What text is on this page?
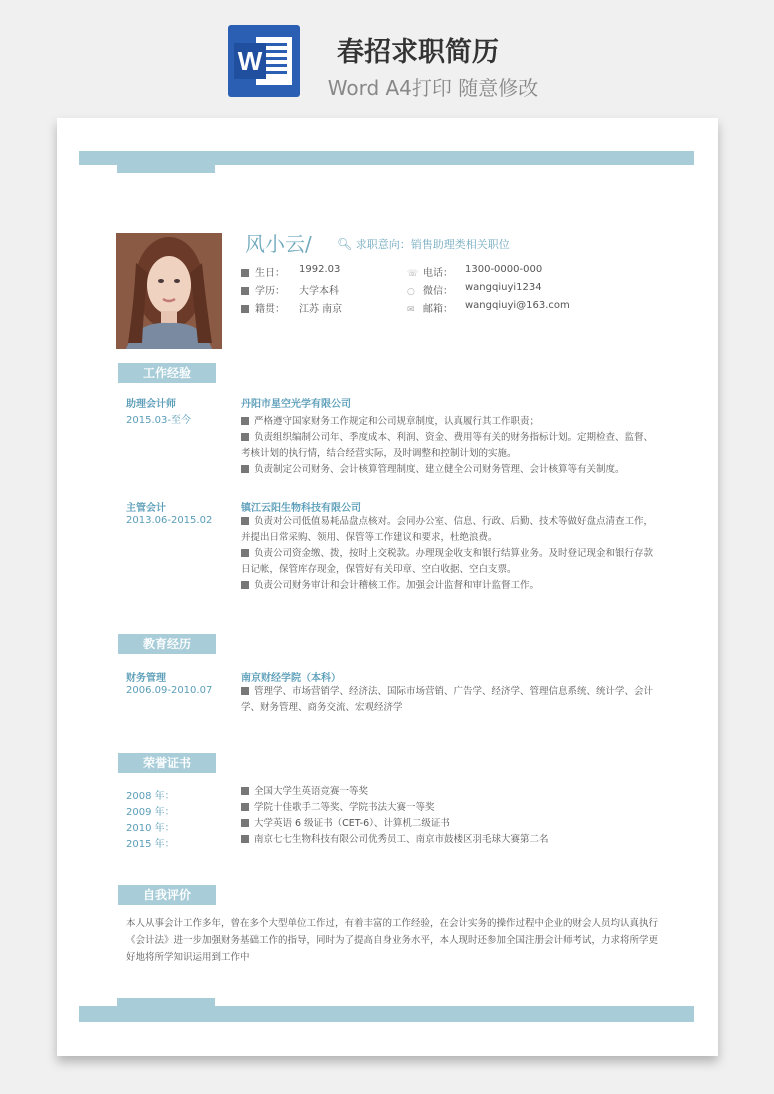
W	春招求职简历
Word A4打印 随意修改
风小云/ 🔍︎ 求职意向：销售助理类相关职位
生日： 1992.03
学历： 大学本科
籍贯： 江苏 南京
☏ 电话： 1300-0000-000
○ 微信： wangqiuyi1234
✉ 邮箱： wangqiuyi@163.com
工作经验
助理会计师
2015.03-至今
丹阳市星空光学有限公司
严格遵守国家财务工作规定和公司规章制度，认真履行其工作职责；
负责组织编制公司年、季度成本、利润、资金、费用等有关的财务指标计划。定期检查、监督、考核计划的执行情，结合经营实际，及时调整和控制计划的实施。
负责制定公司财务、会计核算管理制度、建立健全公司财务管理、会计核算等有关制度。
主管会计
2013.06-2015.02
镇江云阳生物科技有限公司
负责对公司低值易耗品盘点核对。会同办公室、信息、行政、后勤、技术等做好盘点清查工作，并提出日常采购、领用、保管等工作建议和要求，杜绝浪费。
负责公司资金缴、拨，按时上交税款。办理现金收支和银行结算业务。及时登记现金和银行存款日记帐，保管库存现金，保管好有关印章、空白收据、空白支票。
负责公司财务审计和会计稽核工作。加强会计监督和审计监督工作。
教育经历
财务管理
2006.09-2010.07
南京财经学院（本科）
管理学、市场营销学、经济法、国际市场营销、广告学、经济学、管理信息系统、统计学、会计学、财务管理、商务交流、宏观经济学
荣誉证书
2008 年：
2009 年：
2010 年：
2015 年：
全国大学生英语竞赛一等奖
学院十佳歌手二等奖、学院书法大赛一等奖
大学英语 6 级证书（CET-6）、计算机二级证书
南京七七生物科技有限公司优秀员工、南京市鼓楼区羽毛球大赛第二名
自我评价
本人从事会计工作多年，曾在多个大型单位工作过，有着丰富的工作经验，在会计实务的操作过程中企业的财会人员均认真执行《会计法》进一步加强财务基础工作的指导，同时为了提高自身业务水平，本人现时还参加全国注册会计师考试，力求将所学更好地将所学知识运用到工作中
